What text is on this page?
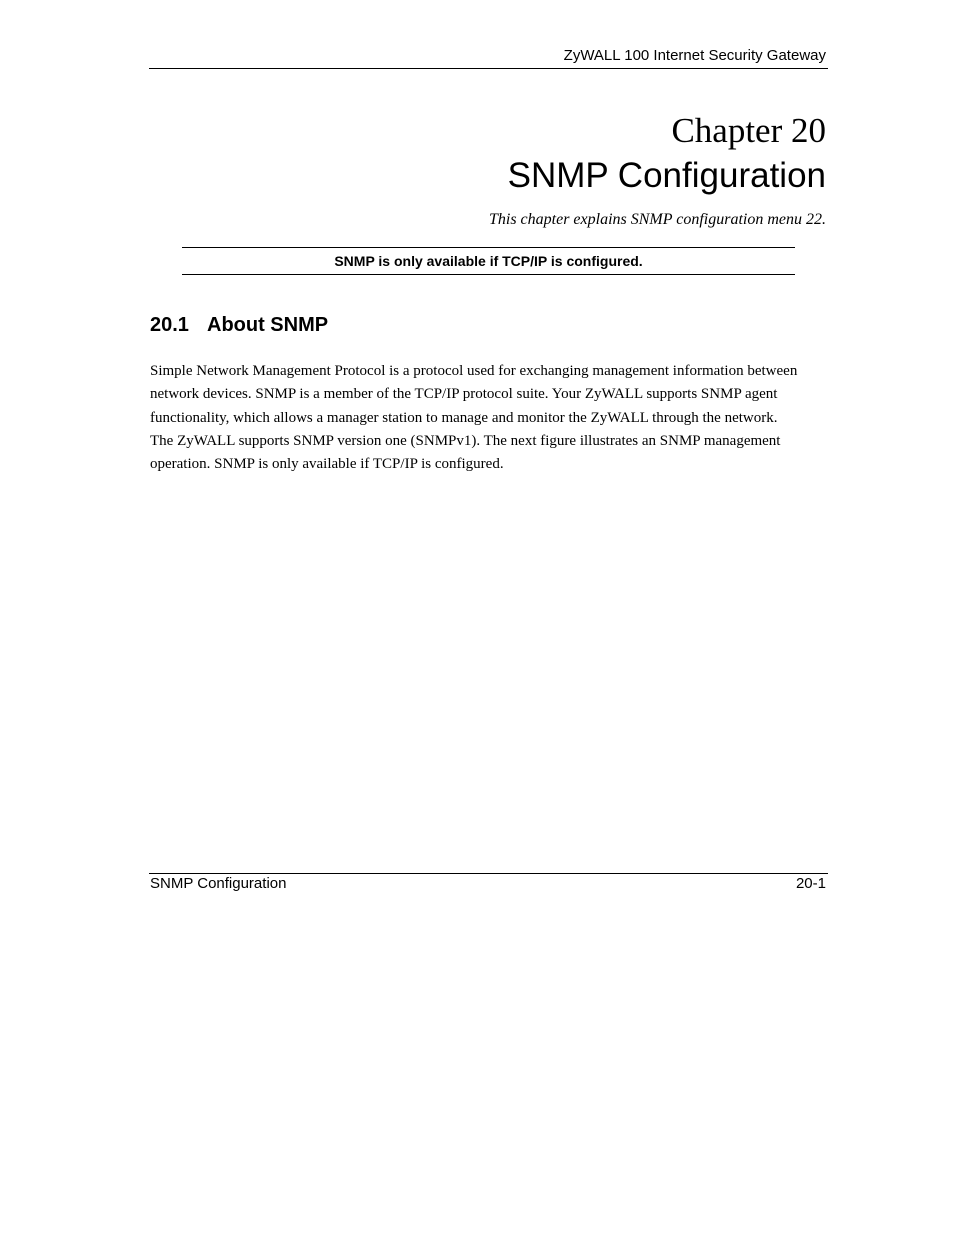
ZyWALL 100 Internet Security Gateway
Chapter 20
SNMP Configuration
This chapter explains SNMP configuration menu 22.
SNMP is only available if TCP/IP is configured.
20.1 About SNMP
Simple Network Management Protocol is a protocol used for exchanging management information between
network devices. SNMP is a member of the TCP/IP protocol suite. Your ZyWALL supports SNMP agent
functionality, which allows a manager station to manage and monitor the ZyWALL through the network.
The ZyWALL supports SNMP version one (SNMPv1). The next figure illustrates an SNMP management
operation. SNMP is only available if TCP/IP is configured.
SNMP Configuration	20-1
